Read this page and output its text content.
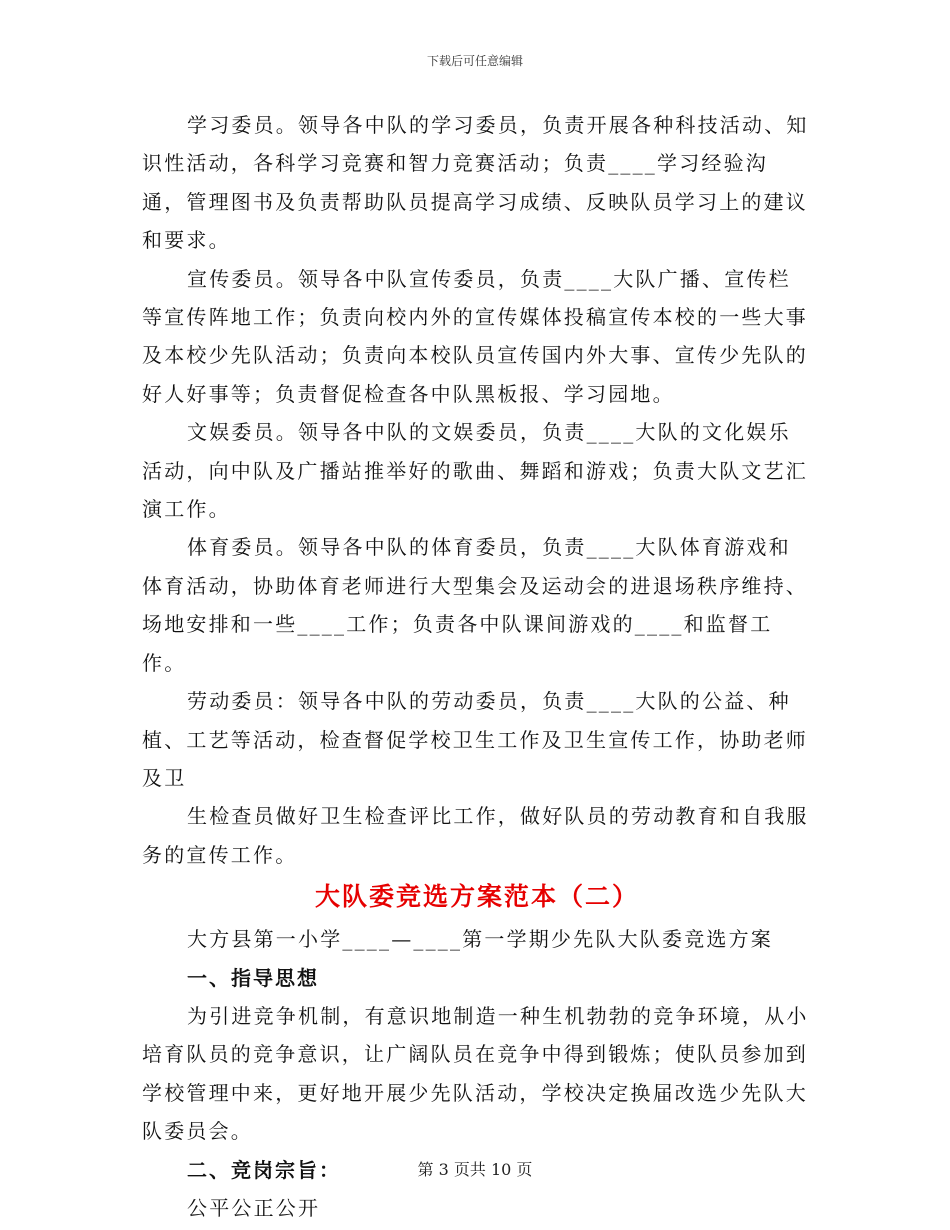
下载后可任意编辑

学习委员。领导各中队的学习委员，负责开展各种科技活动、知识性活动，各科学习竞赛和智力竞赛活动；负责____学习经验沟通，管理图书及负责帮助队员提高学习成绩、反映队员学习上的建议和要求。

宣传委员。领导各中队宣传委员，负责____大队广播、宣传栏等宣传阵地工作；负责向校内外的宣传媒体投稿宣传本校的一些大事及本校少先队活动；负责向本校队员宣传国内外大事、宣传少先队的好人好事等；负责督促检查各中队黑板报、学习园地。

文娱委员。领导各中队的文娱委员，负责____大队的文化娱乐活动，向中队及广播站推举好的歌曲、舞蹈和游戏；负责大队文艺汇演工作。

体育委员。领导各中队的体育委员，负责____大队体育游戏和体育活动，协助体育老师进行大型集会及运动会的进退场秩序维持、场地安排和一些____工作；负责各中队课间游戏的____和监督工作。

劳动委员：领导各中队的劳动委员，负责____大队的公益、种植、工艺等活动，检查督促学校卫生工作及卫生宣传工作，协助老师及卫

生检查员做好卫生检查评比工作，做好队员的劳动教育和自我服务的宣传工作。

大队委竞选方案范本（二）

大方县第一小学____—____第一学期少先队大队委竞选方案

一、指导思想

为引进竞争机制，有意识地制造一种生机勃勃的竞争环境，从小培育队员的竞争意识，让广阔队员在竞争中得到锻炼；使队员参加到学校管理中来，更好地开展少先队活动，学校决定换届改选少先队大队委员会。

二、竞岗宗旨：

公平公正公开

第 3 页共 10 页
